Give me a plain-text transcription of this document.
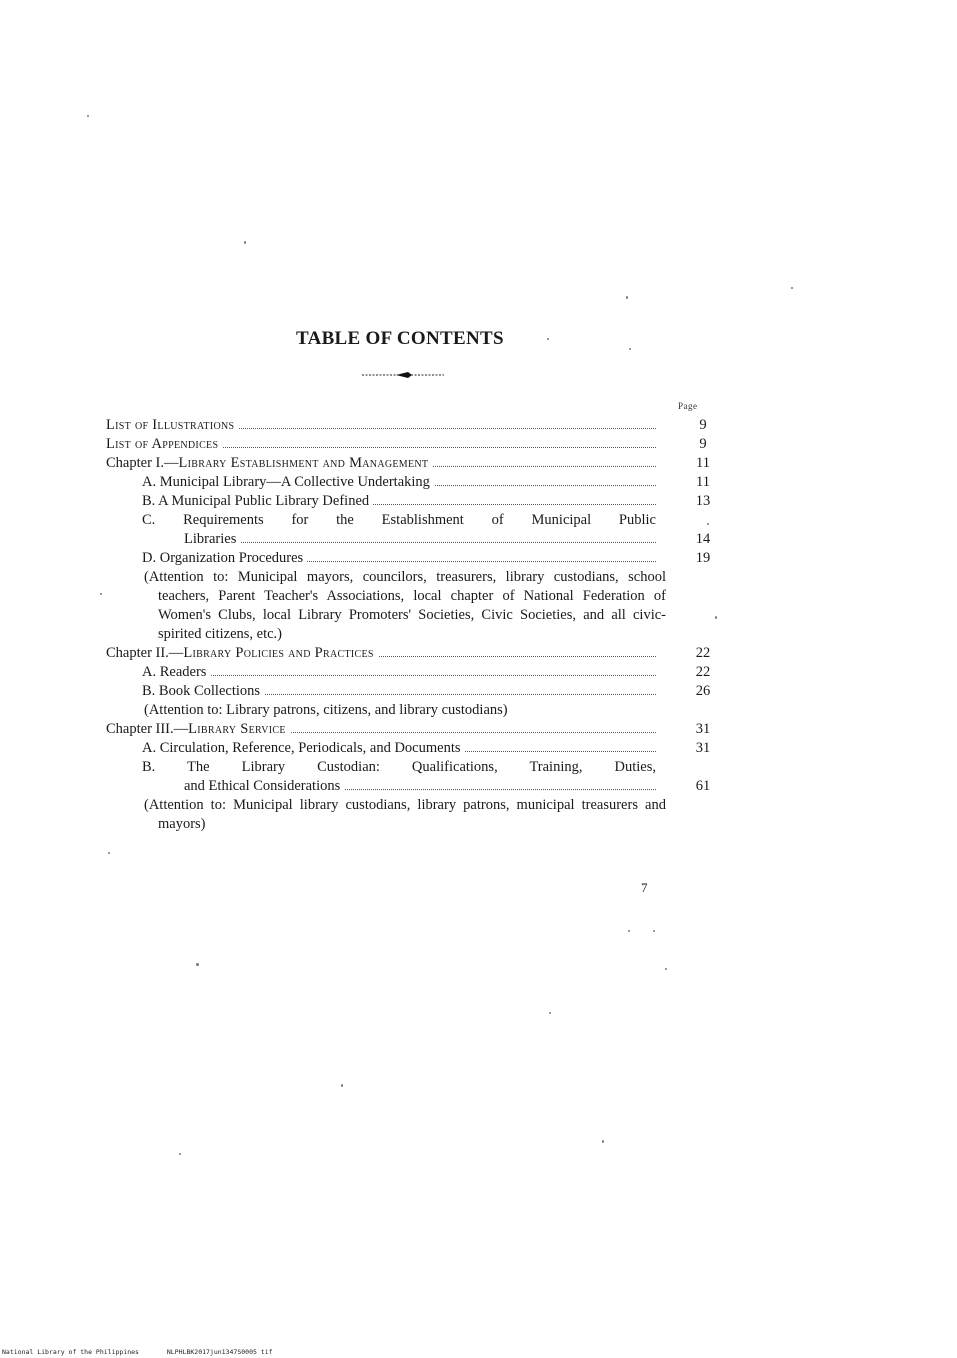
TABLE OF CONTENTS
Page
List of Illustrations	9
List of Appendices	9
Chapter I.—Library Establishment and Management	11
A. Municipal Library—A Collective Undertaking	11
B. A Municipal Public Library Defined	13
C. Requirements for the Establishment of Municipal Public
Libraries	14
D. Organization Procedures	19
(Attention to: Municipal mayors, councilors, treasurers, library custodians, school teachers, Parent Teacher's Associations, local chapter of National Federation of Women's Clubs, local Library Promoters' Societies, Civic Societies, and all civic-spirited citizens, etc.)
Chapter II.—Library Policies and Practices	22
A. Readers	22
B. Book Collections	26
(Attention to: Library patrons, citizens, and library custodians)
Chapter III.—Library Service	31
A. Circulation, Reference, Periodicals, and Documents	31
B. The Library Custodian: Qualifications, Training, Duties,
and Ethical Considerations	61
(Attention to: Municipal library custodians, library patrons, municipal treasurers and mayors)
7
National Library of the Philippines	NLPHLBK2017jun1347S0005 tif
